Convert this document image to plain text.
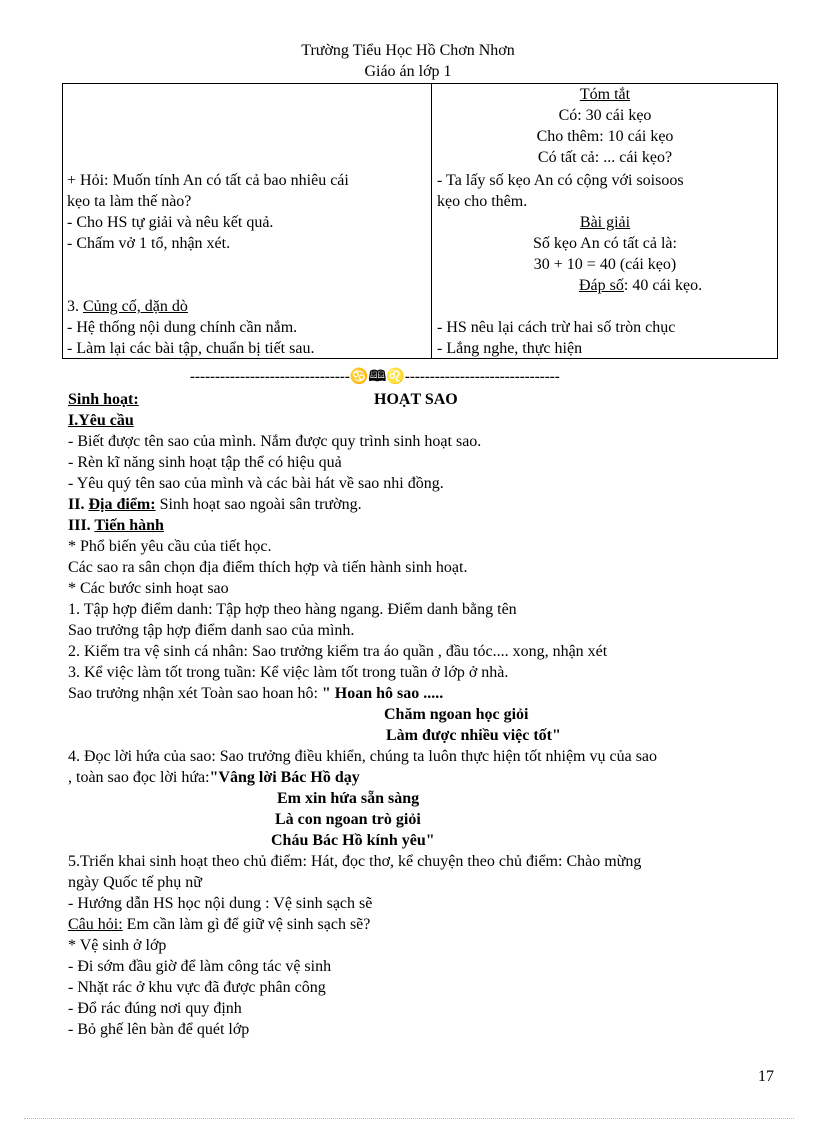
Trường Tiểu Học Hồ Chơn Nhơn
Giáo án lớp 1
Tóm tắt
Có: 30 cái kẹo
Cho thêm: 10 cái kẹo
Có tất cả: ... cái kẹo?
+ Hỏi: Muốn tính An có tất cả bao nhiêu cái
kẹo ta làm thế nào?
- Cho HS tự giải và nêu kết quả.
- Chấm vở 1 tổ, nhận xét.
- Ta lấy số kẹo An có cộng với soisoos
kẹo cho thêm.
Bài giải
Số kẹo An có tất cả là:
30 + 10 = 40 (cái kẹo)
Đáp số: 40 cái kẹo.
3. Củng cố, dặn dò
- Hệ thống nội dung chính cần nắm.
- Làm lại các bài tập, chuẩn bị tiết sau.
- HS nêu lại cách trừ hai số tròn chục
- Lắng nghe, thực hiện
--------------------------------♋🕮♌-------------------------------
Sinh hoạt:	HOẠT SAO
I.Yêu cầu
- Biết được tên sao của mình. Nắm được quy trình sinh hoạt sao.
- Rèn kĩ năng sinh hoạt tập thể có hiệu quả
- Yêu quý tên sao của mình và các bài hát về sao nhi đồng.
II. Địa điểm: Sinh hoạt sao ngoài sân trường.
III. Tiến hành
* Phổ biến yêu cầu của tiết học.
Các sao ra sân chọn địa điểm thích hợp và tiến hành sinh hoạt.
* Các bước sinh hoạt sao
1. Tập hợp điểm danh: Tập hợp theo hàng ngang. Điểm danh bằng tên
Sao trưởng tập hợp điểm danh sao của mình.
2. Kiểm tra vệ sinh cá nhân: Sao trưởng kiểm tra áo quần , đầu tóc.... xong, nhận xét
3. Kể việc làm tốt trong tuần: Kể việc làm tốt trong tuần ở lớp ở nhà.
Sao trưởng nhận xét Toàn sao hoan hô: " Hoan hô sao .....
Chăm ngoan học giỏi
Làm được nhiều việc tốt"
4. Đọc lời hứa của sao: Sao trưởng điều khiển, chúng ta luôn thực hiện tốt nhiệm vụ của sao
, toàn sao đọc lời hứa:"Vâng lời Bác Hồ dạy
Em xin hứa sẵn sàng
Là con ngoan trò giỏi
Cháu Bác Hồ kính yêu"
5.Triển khai sinh hoạt theo chủ điểm: Hát, đọc thơ, kể chuyện theo chủ điểm: Chào mừng
ngày Quốc tế phụ nữ
- Hướng dẫn HS học nội dung : Vệ sinh sạch sẽ
Câu hỏi: Em cần làm gì để giữ vệ sinh sạch sẽ?
* Vệ sinh ở lớp
- Đi sớm đầu giờ để làm công tác vệ sinh
- Nhặt rác ở khu vực đã được phân công
- Đổ rác đúng nơi quy định
- Bỏ ghế lên bàn để quét lớp
17
